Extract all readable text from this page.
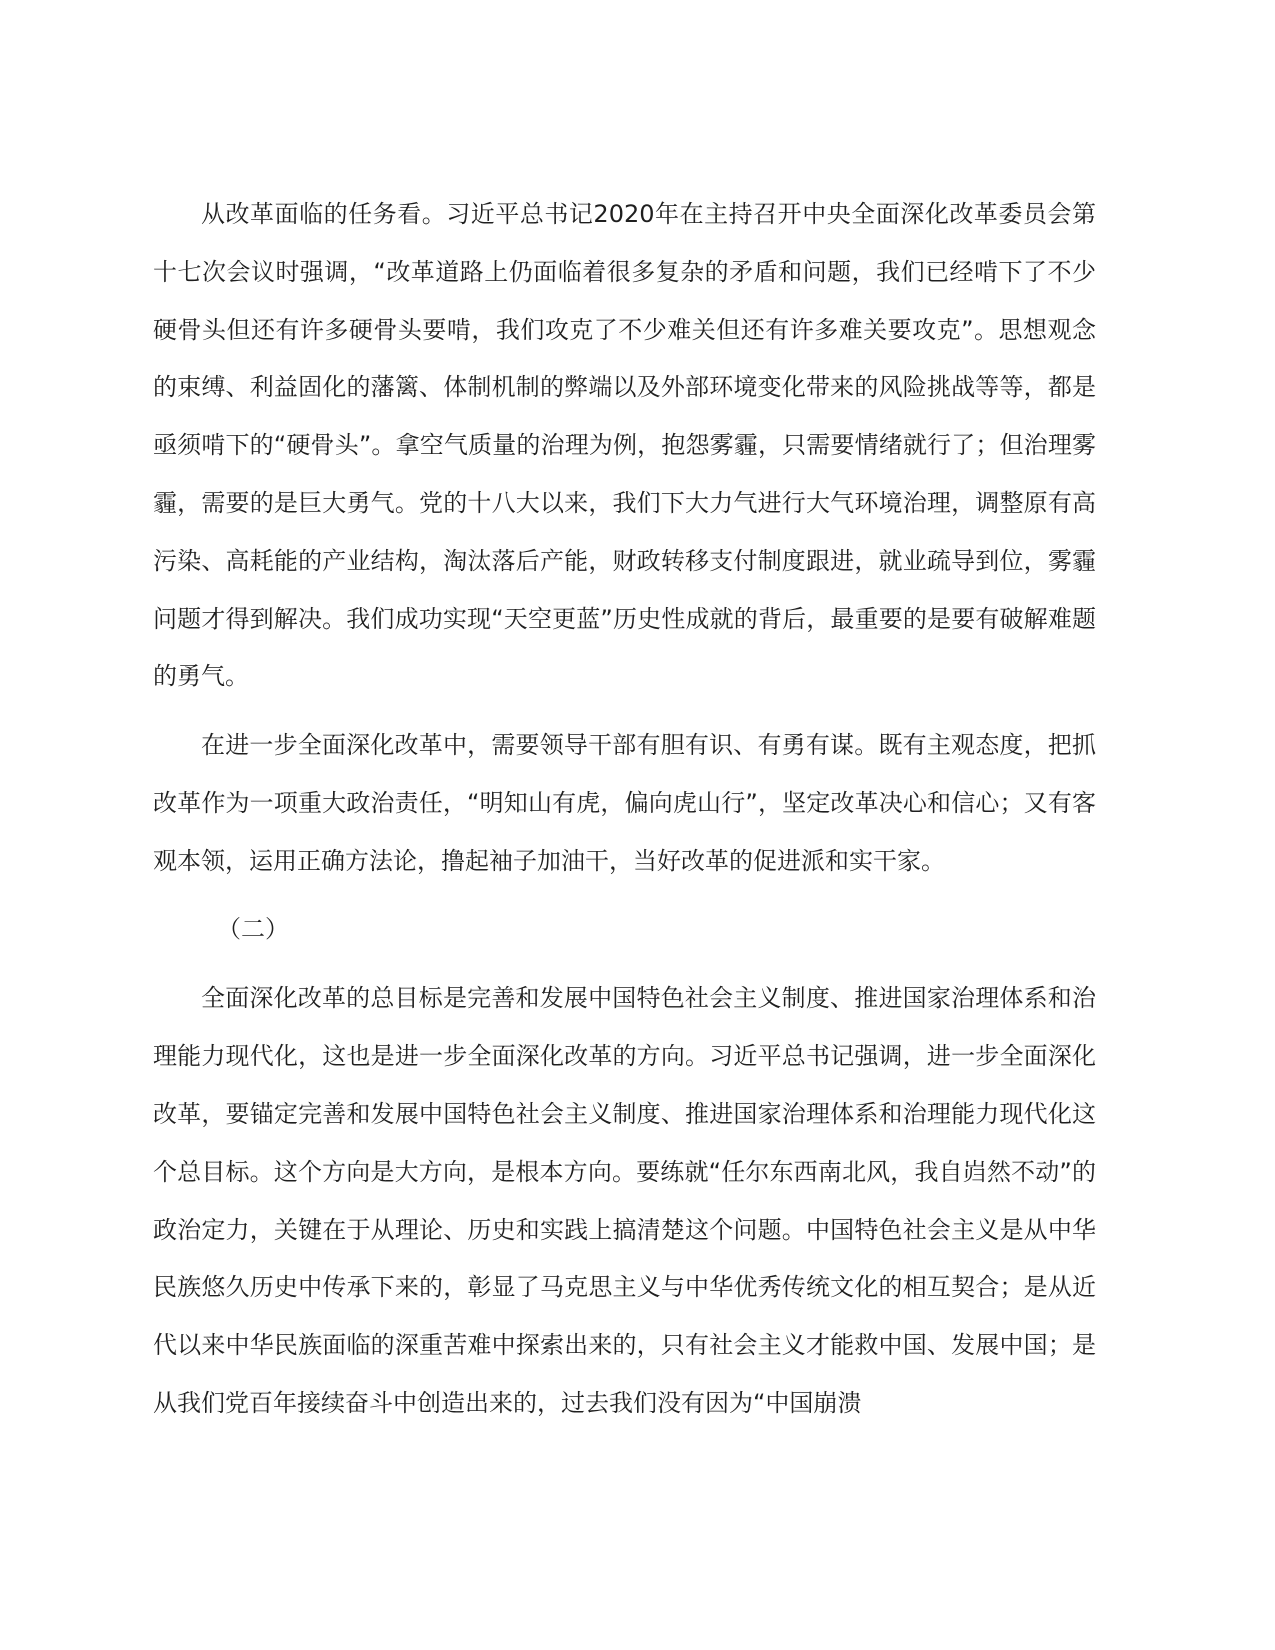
从改革面临的任务看。习近平总书记2020年在主持召开中央全面深化改革委员会第十七次会议时强调，“改革道路上仍面临着很多复杂的矛盾和问题，我们已经啃下了不少硬骨头但还有许多硬骨头要啃，我们攻克了不少难关但还有许多难关要攻克”。思想观念的束缚、利益固化的藩篱、体制机制的弊端以及外部环境变化带来的风险挑战等等，都是亟须啃下的“硬骨头”。拿空气质量的治理为例，抱怨雾霾，只需要情绪就行了；但治理雾霾，需要的是巨大勇气。党的十八大以来，我们下大力气进行大气环境治理，调整原有高污染、高耗能的产业结构，淘汰落后产能，财政转移支付制度跟进，就业疏导到位，雾霾问题才得到解决。我们成功实现“天空更蓝”历史性成就的背后，最重要的是要有破解难题的勇气。

在进一步全面深化改革中，需要领导干部有胆有识、有勇有谋。既有主观态度，把抓改革作为一项重大政治责任，“明知山有虎，偏向虎山行”，坚定改革决心和信心；又有客观本领，运用正确方法论，撸起袖子加油干，当好改革的促进派和实干家。

（二）

全面深化改革的总目标是完善和发展中国特色社会主义制度、推进国家治理体系和治理能力现代化，这也是进一步全面深化改革的方向。习近平总书记强调，进一步全面深化改革，要锚定完善和发展中国特色社会主义制度、推进国家治理体系和治理能力现代化这个总目标。这个方向是大方向，是根本方向。要练就“任尔东西南北风，我自岿然不动”的政治定力，关键在于从理论、历史和实践上搞清楚这个问题。中国特色社会主义是从中华民族悠久历史中传承下来的，彰显了马克思主义与中华优秀传统文化的相互契合；是从近代以来中华民族面临的深重苦难中探索出来的，只有社会主义才能救中国、发展中国；是从我们党百年接续奋斗中创造出来的，过去我们没有因为“中国崩溃
